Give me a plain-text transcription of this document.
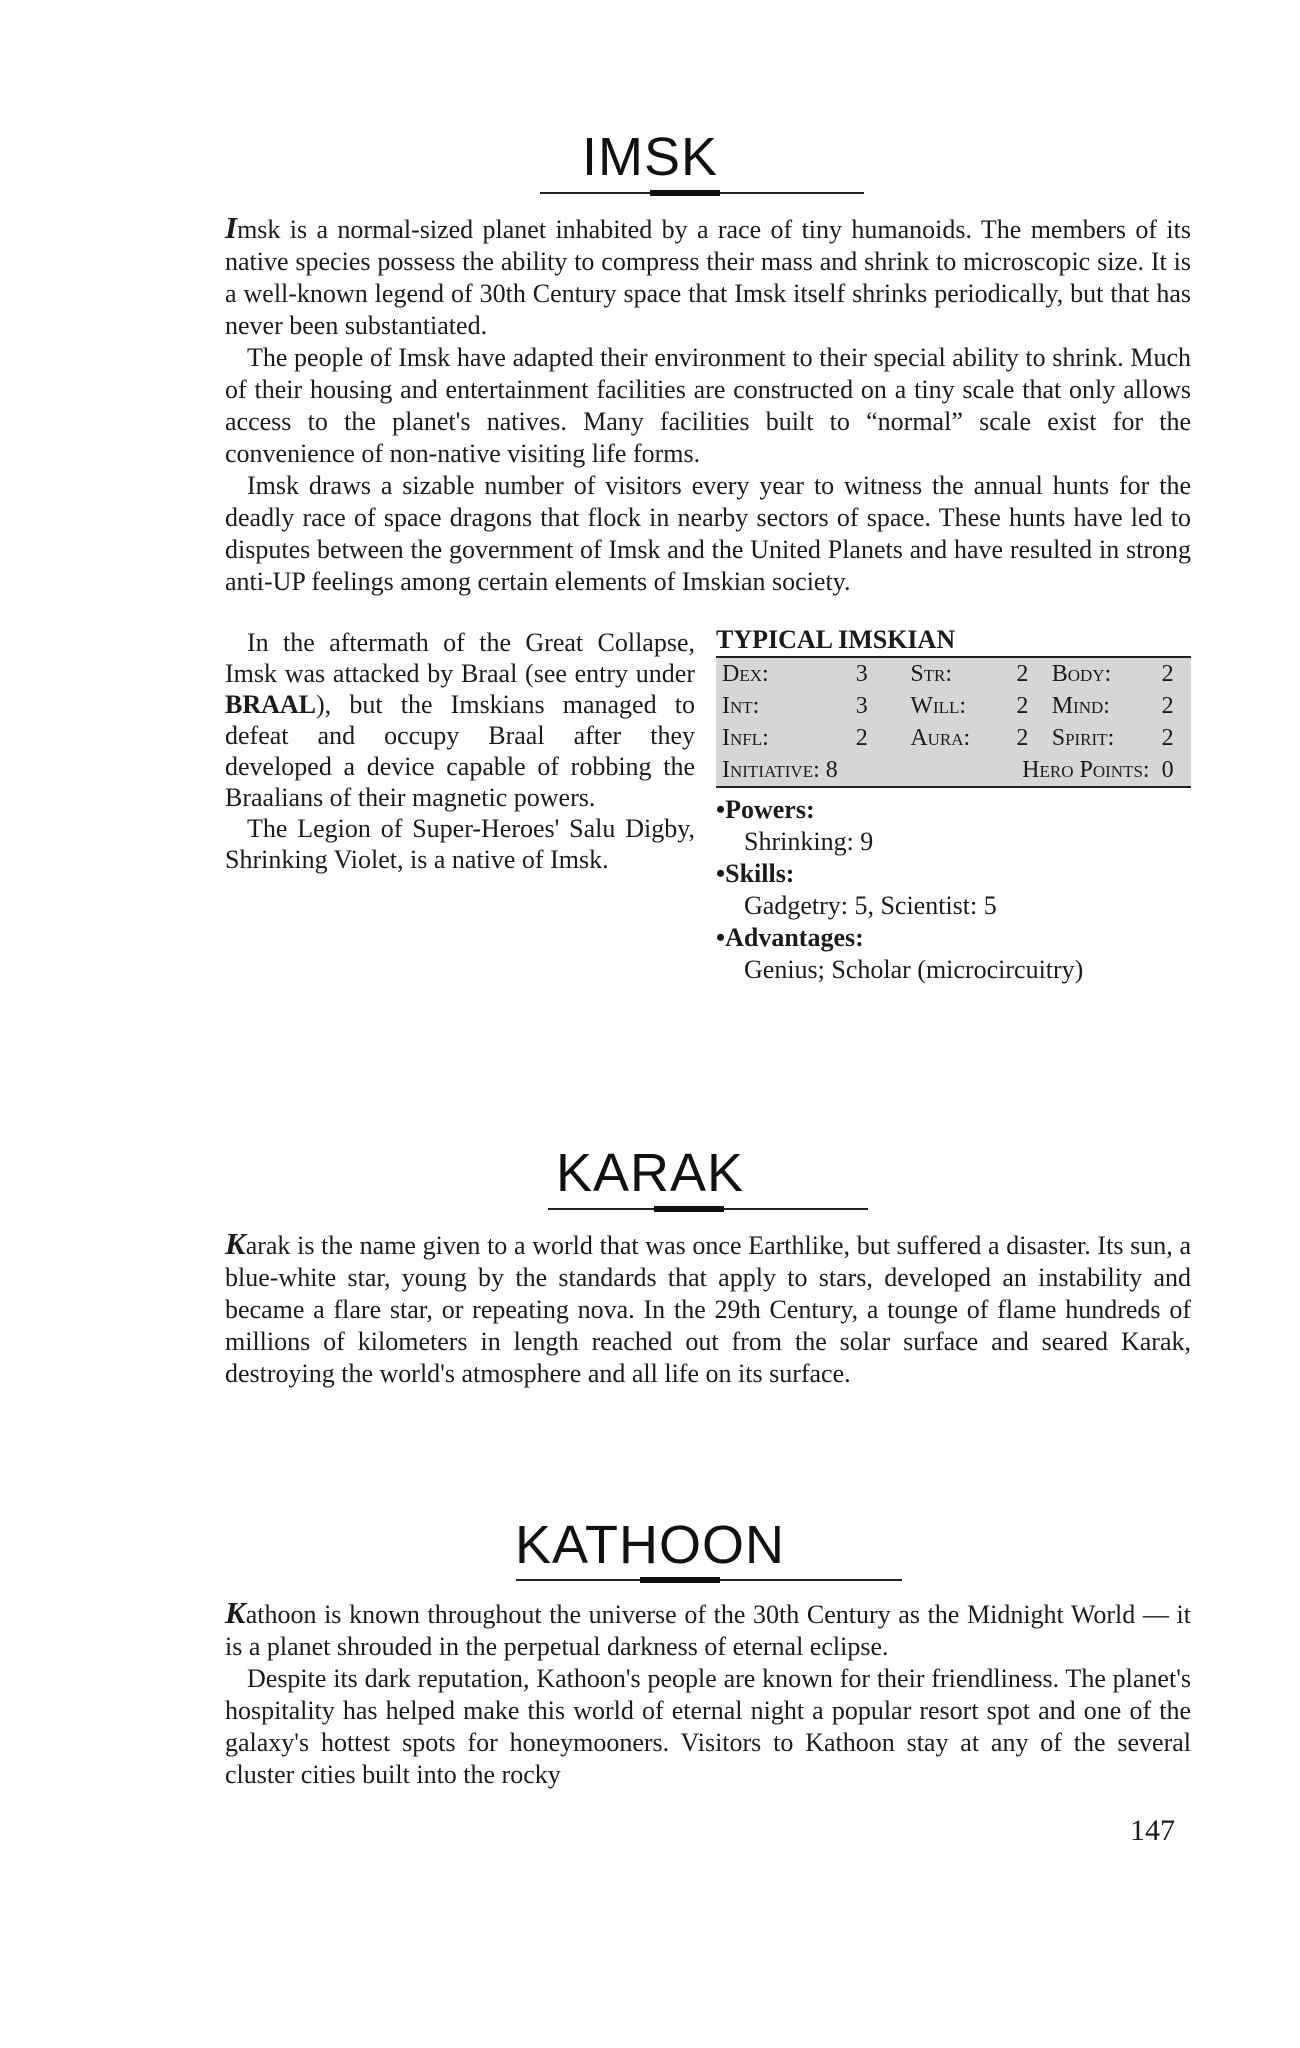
IMSK

Imsk is a normal-sized planet inhabited by a race of tiny humanoids. The members of its native species possess the ability to compress their mass and shrink to microscopic size. It is a well-known legend of 30th Century space that Imsk itself shrinks periodically, but that has never been substantiated.

The people of Imsk have adapted their environment to their special ability to shrink. Much of their housing and entertainment facilities are constructed on a tiny scale that only allows access to the planet's natives. Many facilities built to “normal” scale exist for the convenience of non-native visiting life forms.

Imsk draws a sizable number of visitors every year to witness the annual hunts for the deadly race of space dragons that flock in nearby sectors of space. These hunts have led to disputes between the government of Imsk and the United Planets and have resulted in strong anti-UP feelings among certain elements of Imskian society.

In the aftermath of the Great Collapse, Imsk was attacked by Braal (see entry under BRAAL), but the Imskians managed to defeat and occupy Braal after they developed a device capable of robbing the Braalians of their magnetic powers.

The Legion of Super-Heroes' Salu Digby, Shrinking Violet, is a native of Imsk.

TYPICAL IMSKIAN
Dex:	3	Str:	2	Body:	2
Int:	3	Will:	2	Mind:	2
Infl:	2	Aura:	2	Spirit:	2
Initiative: 8		Hero Points:			0
•Powers:
Shrinking: 9
•Skills:
Gadgetry: 5, Scientist: 5
•Advantages:
Genius; Scholar (microcircuitry)
KARAK

Karak is the name given to a world that was once Earthlike, but suffered a disaster. Its sun, a blue-white star, young by the standards that apply to stars, developed an instability and became a flare star, or repeating nova. In the 29th Century, a tounge of flame hundreds of millions of kilometers in length reached out from the solar surface and seared Karak, destroying the world's atmosphere and all life on its surface.

KATHOON

Kathoon is known throughout the universe of the 30th Century as the Midnight World — it is a planet shrouded in the perpetual darkness of eternal eclipse.

Despite its dark reputation, Kathoon's people are known for their friendliness. The planet's hospitality has helped make this world of eternal night a popular resort spot and one of the galaxy's hottest spots for honeymooners. Visitors to Kathoon stay at any of the several cluster cities built into the rocky

147
